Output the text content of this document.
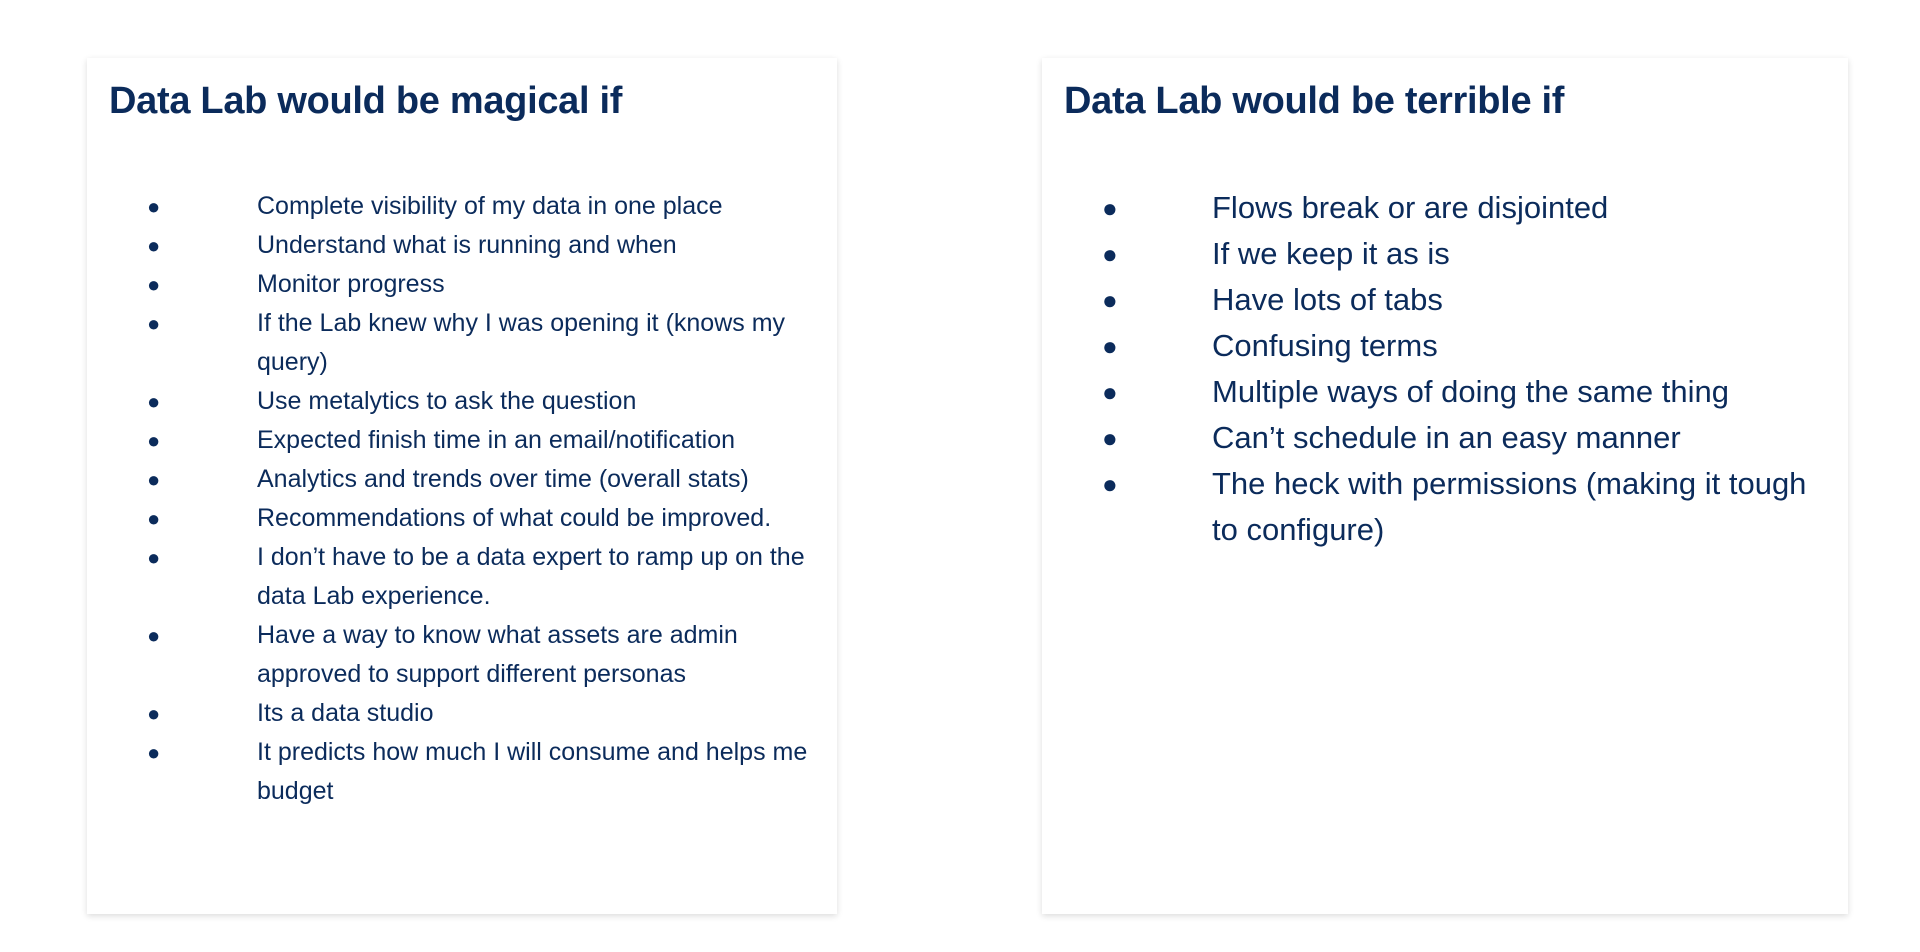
Data Lab would be magical if
●	Complete visibility of my data in one place
●	Understand what is running and when
●	Monitor progress
●	If the Lab knew why I was opening it (knows my query)
●	Use metalytics to ask the question
●	Expected finish time in an email/notification
●	Analytics and trends over time (overall stats)
●	Recommendations of what could be improved.
●	I don’t have to be a data expert to ramp up on the data Lab experience.
●	Have a way to know what assets are admin approved to support different personas
●	Its a data studio
●	It predicts how much I will consume and helps me budget
Data Lab would be terrible if
●	Flows break or are disjointed
●	If we keep it as is
●	Have lots of tabs
●	Confusing terms
●	Multiple ways of doing the same thing
●	Can’t schedule in an easy manner
●	The heck with permissions (making it tough to configure)
